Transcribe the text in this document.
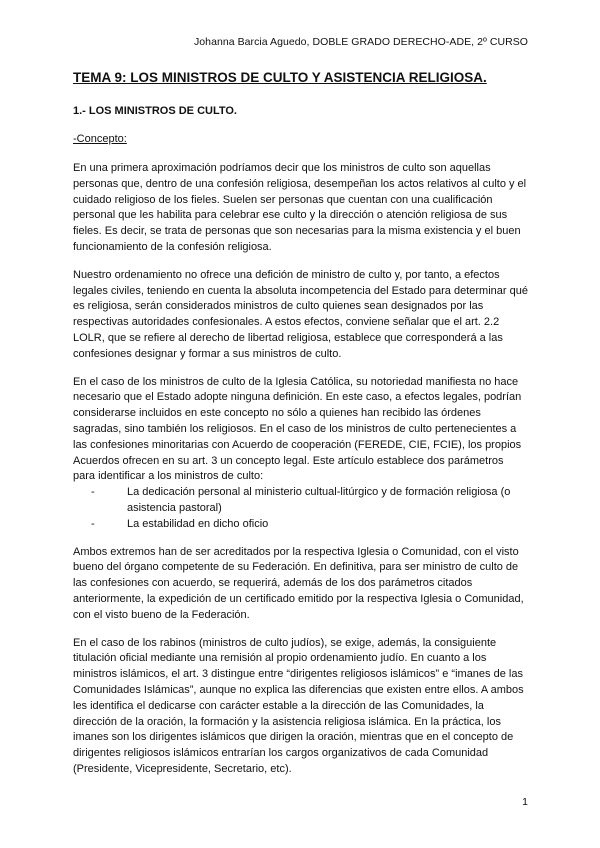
Johanna Barcia Aguedo, DOBLE GRADO DERECHO-ADE, 2º CURSO
TEMA 9: LOS MINISTROS DE CULTO Y ASISTENCIA RELIGIOSA.
1.- LOS MINISTROS DE CULTO.
-Concepto:

En una primera aproximación podríamos decir que los ministros de culto son aquellas personas que, dentro de una confesión religiosa, desempeñan los actos relativos al culto y el cuidado religioso de los fieles. Suelen ser personas que cuentan con una cualificación personal que les habilita para celebrar ese culto y la dirección o atención religiosa de sus fieles. Es decir, se trata de personas que son necesarias para la misma existencia y el buen funcionamiento de la confesión religiosa.

Nuestro ordenamiento no ofrece una defición de ministro de culto y, por tanto, a efectos legales civiles, teniendo en cuenta la absoluta incompetencia del Estado para determinar qué es religiosa, serán considerados ministros de culto quienes sean designados por las respectivas autoridades confesionales. A estos efectos, conviene señalar que el art. 2.2 LOLR, que se refiere al derecho de libertad religiosa, establece que corresponderá a las confesiones designar y formar a sus ministros de culto.

En el caso de los ministros de culto de la Iglesia Católica, su notoriedad manifiesta no hace necesario que el Estado adopte ninguna definición. En este caso, a efectos legales, podrían considerarse incluidos en este concepto no sólo a quienes han recibido las órdenes sagradas, sino también los religiosos. En el caso de los ministros de culto pertenecientes a las confesiones minoritarias con Acuerdo de cooperación (FEREDE, CIE, FCIE), los propios Acuerdos ofrecen en su art. 3 un concepto legal. Este artículo establece dos parámetros para identificar a los ministros de culto:

- La dedicación personal al ministerio cultual-litúrgico y de formación religiosa (o asistencia pastoral)
- La estabilidad en dicho oficio

Ambos extremos han de ser acreditados por la respectiva Iglesia o Comunidad, con el visto bueno del órgano competente de su Federación. En definitiva, para ser ministro de culto de las confesiones con acuerdo, se requerirá, además de los dos parámetros citados anteriormente, la expedición de un certificado emitido por la respectiva Iglesia o Comunidad, con el visto bueno de la Federación.

En el caso de los rabinos (ministros de culto judíos), se exige, además, la consiguiente titulación oficial mediante una remisión al propio ordenamiento judío. En cuanto a los ministros islámicos, el art. 3 distingue entre “dirigentes religiosos islámicos” e “imanes de las Comunidades Islámicas”, aunque no explica las diferencias que existen entre ellos. A ambos les identifica el dedicarse con carácter estable a la dirección de las Comunidades, la dirección de la oración, la formación y la asistencia religiosa islámica. En la práctica, los imanes son los dirigentes islámicos que dirigen la oración, mientras que en el concepto de dirigentes religiosos islámicos entrarían los cargos organizativos de cada Comunidad (Presidente, Vicepresidente, Secretario, etc).

1
